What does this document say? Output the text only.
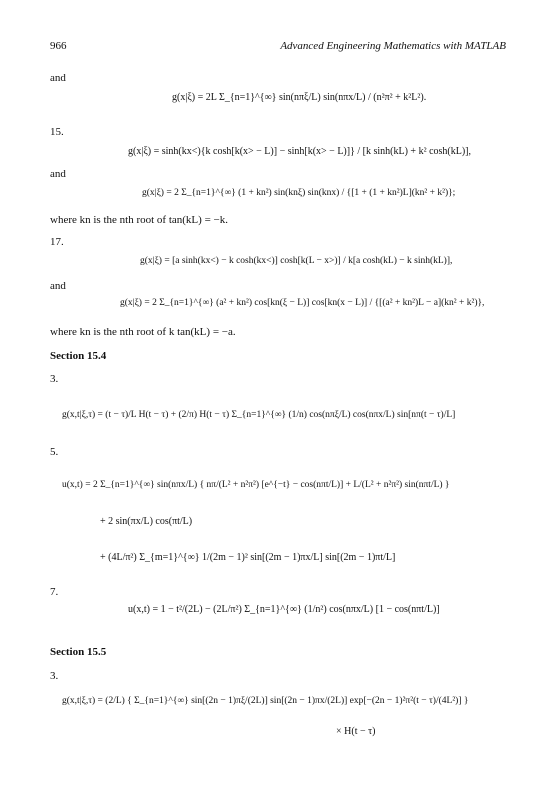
966	Advanced Engineering Mathematics with MATLAB
and
g(x|ξ) = 2L Σ_{n=1}^{∞} sin(nπξ/L) sin(nπx/L) / (n²π² + k²L²).
15.
g(x|ξ) = sinh(kx<){k cosh[k(x> − L)] − sinh[k(x> − L)]} / [k sinh(kL) + k² cosh(kL)],
and
g(x|ξ) = 2 Σ_{n=1}^{∞} (1 + kn²) sin(knξ) sin(knx) / {[1 + (1 + kn²)L](kn² + k²)};
where kn is the nth root of tan(kL) = −k.
17.
g(x|ξ) = [a sinh(kx<) − k cosh(kx<)] cosh[k(L − x>)] / k[a cosh(kL) − k sinh(kL)],
and
g(x|ξ) = 2 Σ_{n=1}^{∞} (a² + kn²) cos[kn(ξ − L)] cos[kn(x − L)] / {[(a² + kn²)L − a](kn² + k²)},
where kn is the nth root of k tan(kL) = −a.
Section 15.4
3.
g(x,t|ξ,τ) = (t − τ)/L H(t − τ) + (2/π) H(t − τ) Σ_{n=1}^{∞} (1/n) cos(nπξ/L) cos(nπx/L) sin[nπ(t − τ)/L]
5.
u(x,t) = 2 Σ_{n=1}^{∞} sin(nπx/L) { nπ/(L² + n²π²) [e^{−t} − cos(nπt/L)] + L/(L² + n²π²) sin(nπt/L) }
+ 2 sin(πx/L) cos(πt/L)
+ (4L/π²) Σ_{m=1}^{∞} 1/(2m − 1)² sin[(2m − 1)πx/L] sin[(2m − 1)πt/L]
7.
u(x,t) = 1 − t²/(2L) − (2L/π²) Σ_{n=1}^{∞} (1/n²) cos(nπx/L) [1 − cos(nπt/L)]
Section 15.5
3.
g(x,t|ξ,τ) = (2/L) { Σ_{n=1}^{∞} sin[(2n − 1)πξ/(2L)] sin[(2n − 1)πx/(2L)] exp[−(2n − 1)²π²(t − τ)/(4L²)] }
× H(t − τ)
